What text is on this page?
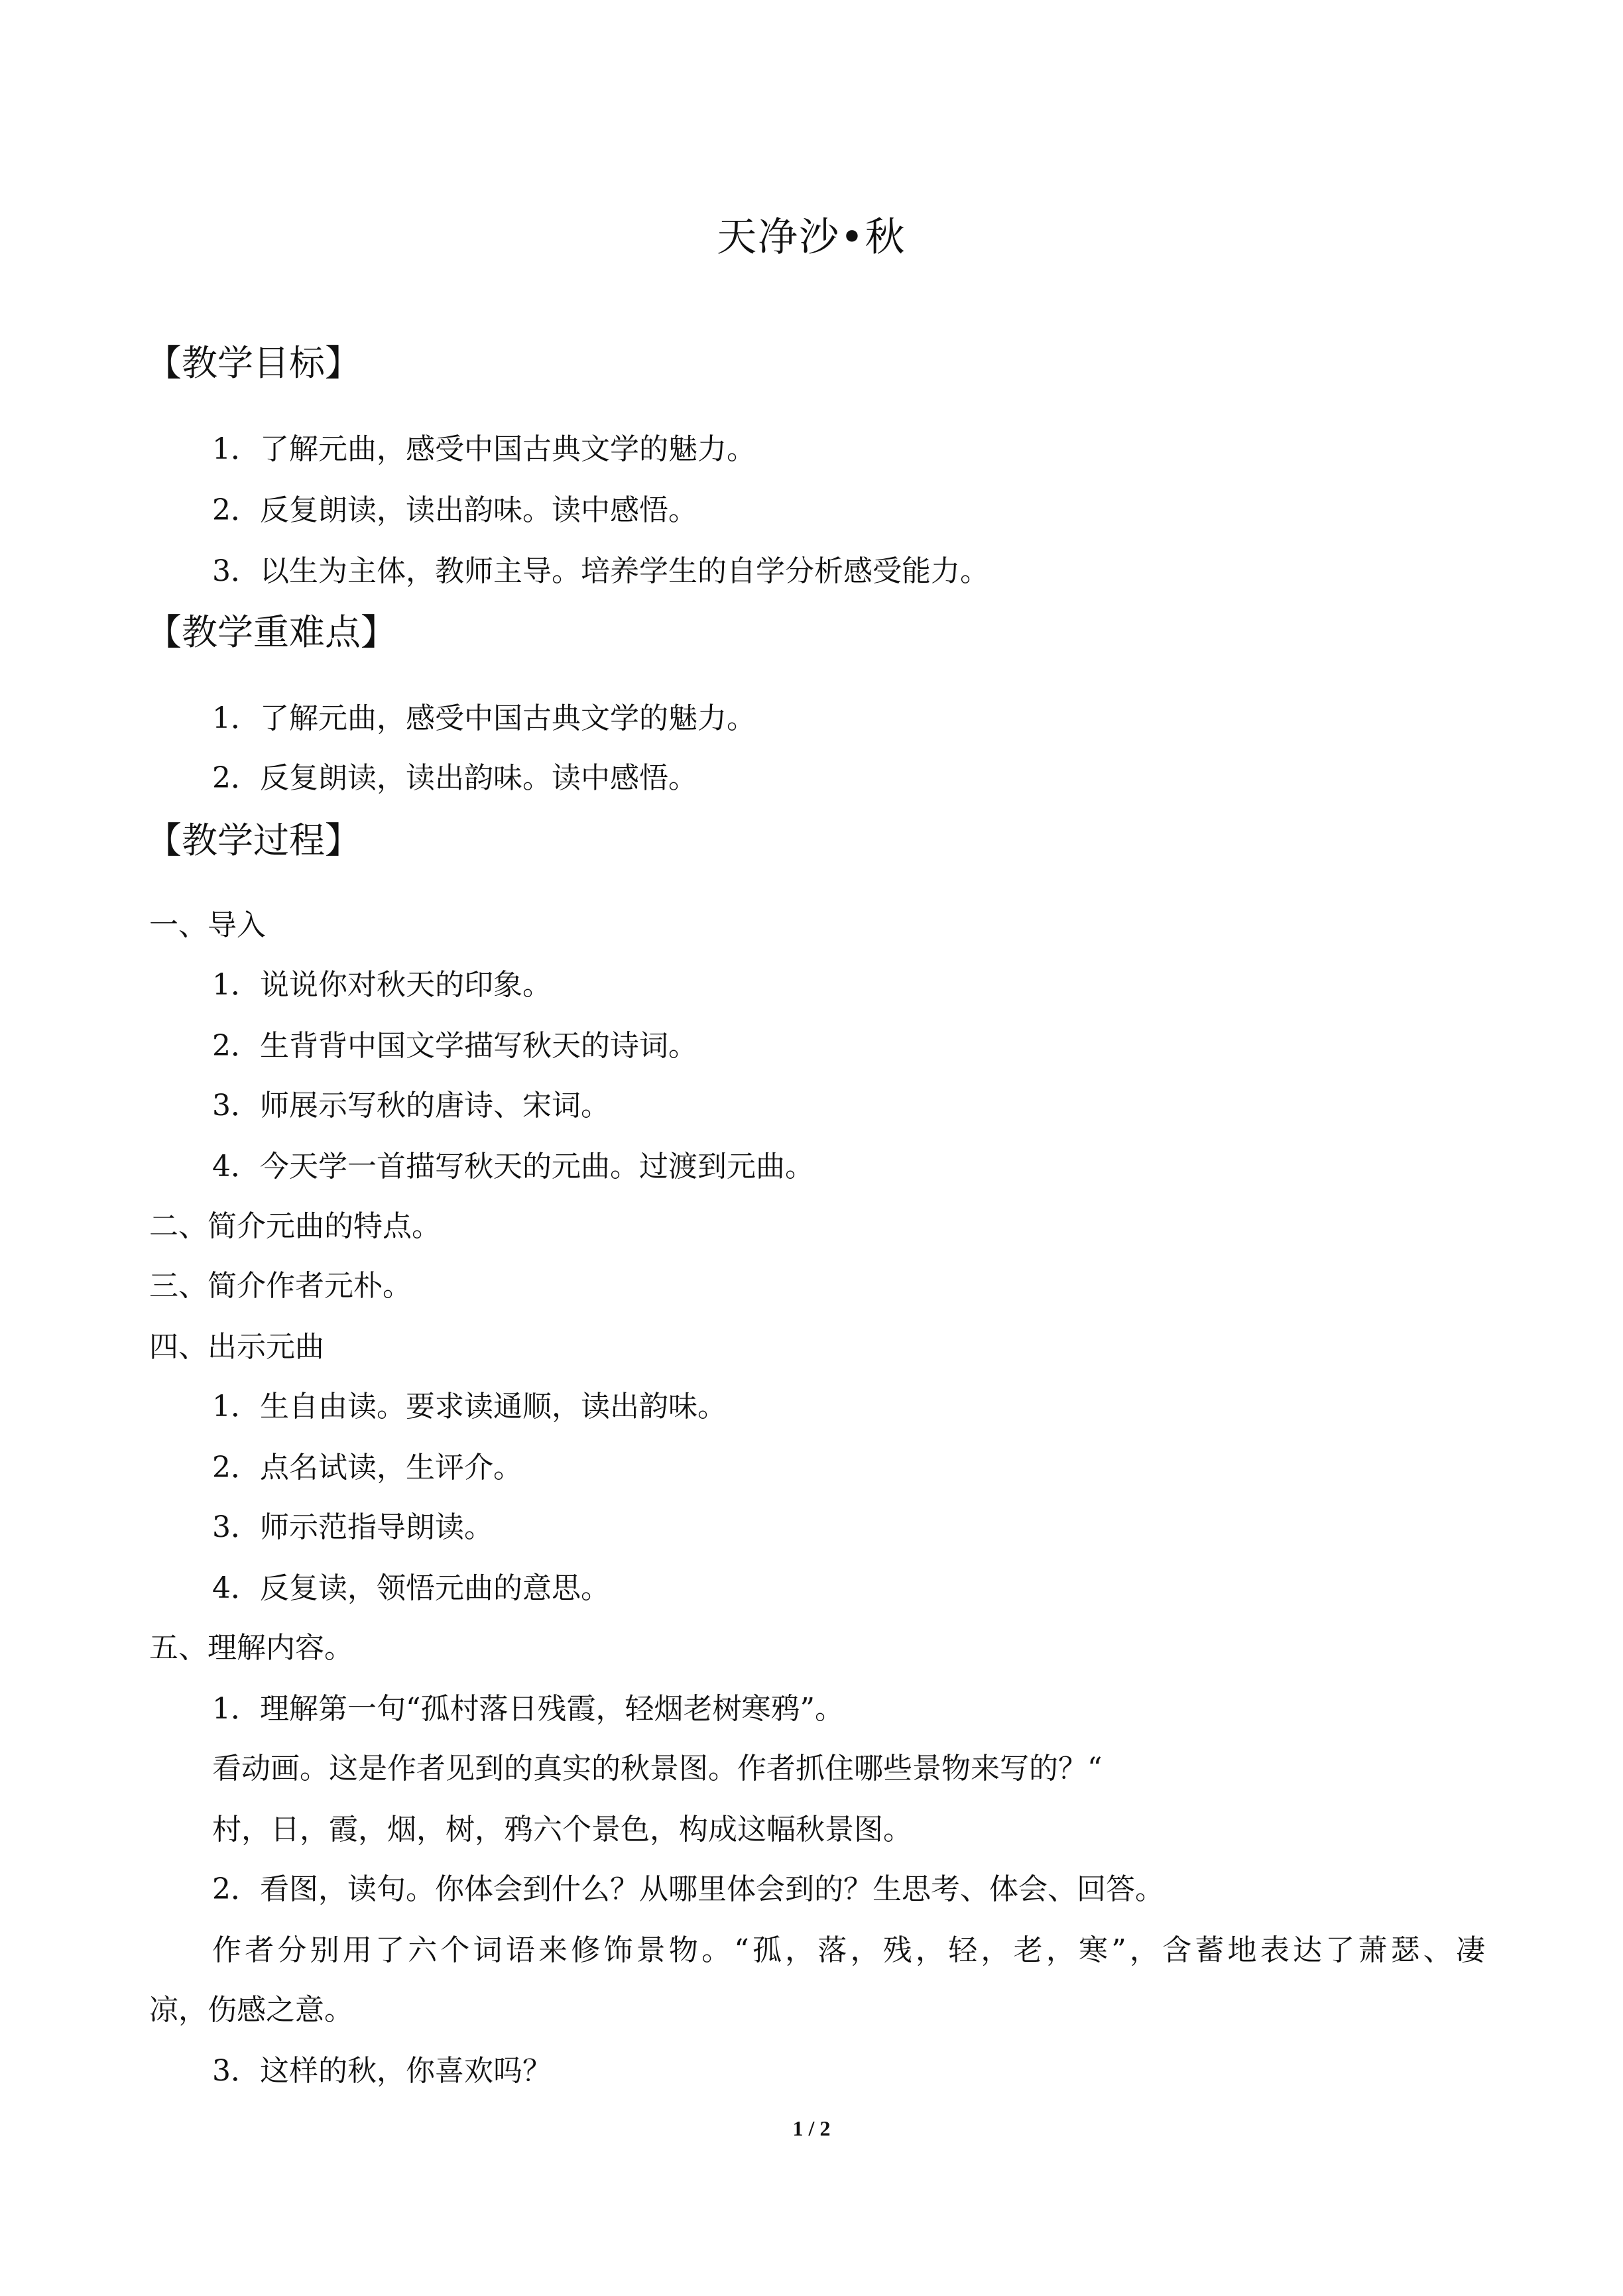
天净沙•秋
【教学目标】
1．了解元曲，感受中国古典文学的魅力。
2．反复朗读，读出韵味。读中感悟。
3．以生为主体，教师主导。培养学生的自学分析感受能力。
【教学重难点】
1．了解元曲，感受中国古典文学的魅力。
2．反复朗读，读出韵味。读中感悟。
【教学过程】
一、导入
1．说说你对秋天的印象。
2．生背背中国文学描写秋天的诗词。
3．师展示写秋的唐诗、宋词。
4．今天学一首描写秋天的元曲。过渡到元曲。
二、简介元曲的特点。
三、简介作者元朴。
四、出示元曲
1．生自由读。要求读通顺，读出韵味。
2．点名试读，生评介。
3．师示范指导朗读。
4．反复读，领悟元曲的意思。
五、理解内容。
1．理解第一句“孤村落日残霞，轻烟老树寒鸦”。
看动画。这是作者见到的真实的秋景图。作者抓住哪些景物来写的？“
村，日，霞，烟，树，鸦六个景色，构成这幅秋景图。
2．看图，读句。你体会到什么？从哪里体会到的？生思考、体会、回答。
作者分别用了六个词语来修饰景物。“孤，落，残，轻，老，寒”，含蓄地表达了萧瑟、凄
凉，伤感之意。
3．这样的秋，你喜欢吗？
1 / 2
